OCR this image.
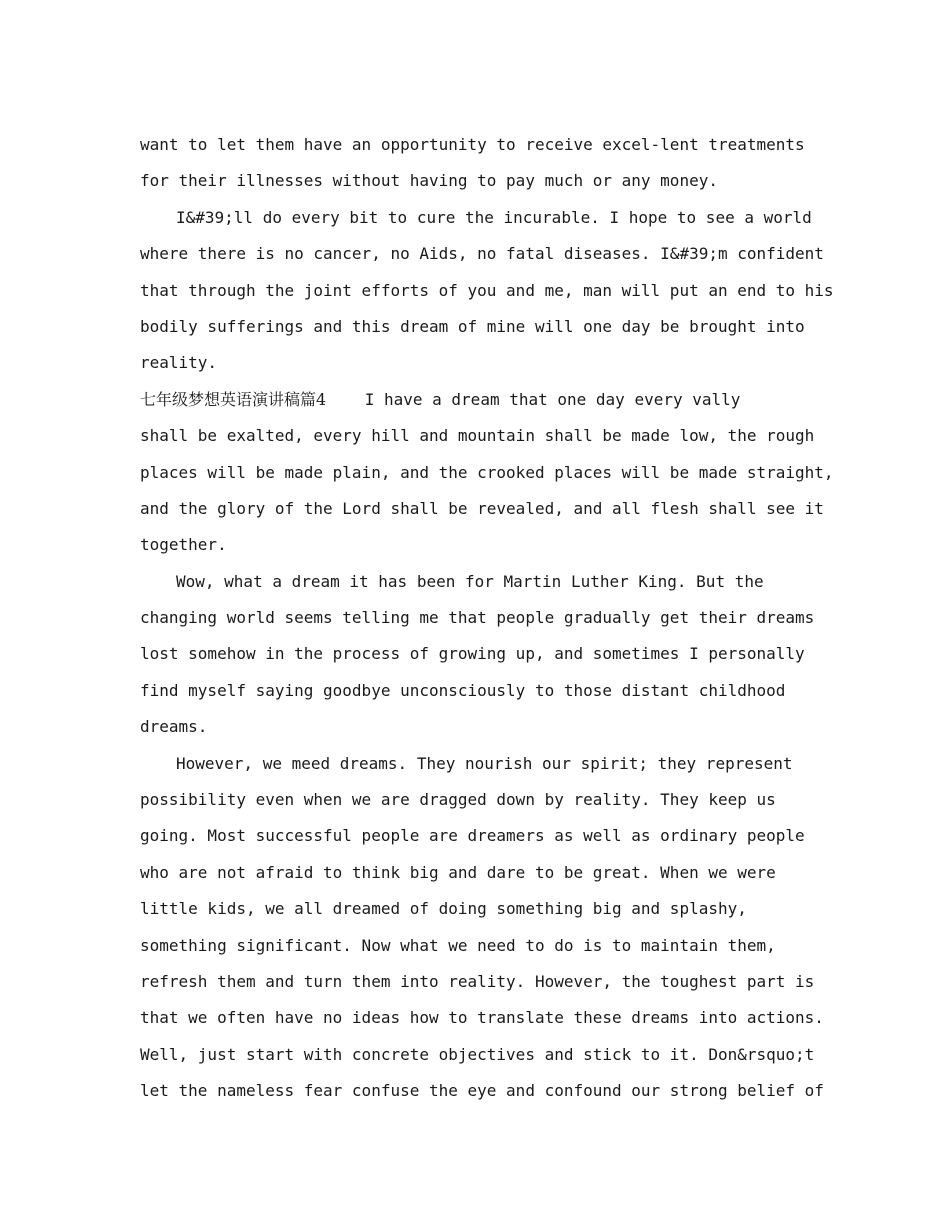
want to let them have an opportunity to receive excel-lent treatments
for their illnesses without having to pay much or any money.
I&#39;ll do every bit to cure the incurable. I hope to see a world
where there is no cancer, no Aids, no fatal diseases. I&#39;m confident
that through the joint efforts of you and me, man will put an end to his
bodily sufferings and this dream of mine will one day be brought into
reality.
七年级梦想英语演讲稿篇4 I have a dream that one day every vally
shall be exalted, every hill and mountain shall be made low, the rough
places will be made plain, and the crooked places will be made straight,
and the glory of the Lord shall be revealed, and all flesh shall see it
together.
Wow, what a dream it has been for Martin Luther King. But the
changing world seems telling me that people gradually get their dreams
lost somehow in the process of growing up, and sometimes I personally
find myself saying goodbye unconsciously to those distant childhood
dreams.
However, we meed dreams. They nourish our spirit; they represent
possibility even when we are dragged down by reality. They keep us
going. Most successful people are dreamers as well as ordinary people
who are not afraid to think big and dare to be great. When we were
little kids, we all dreamed of doing something big and splashy,
something significant. Now what we need to do is to maintain them,
refresh them and turn them into reality. However, the toughest part is
that we often have no ideas how to translate these dreams into actions.
Well, just start with concrete objectives and stick to it. Don&rsquo;t
let the nameless fear confuse the eye and confound our strong belief of
